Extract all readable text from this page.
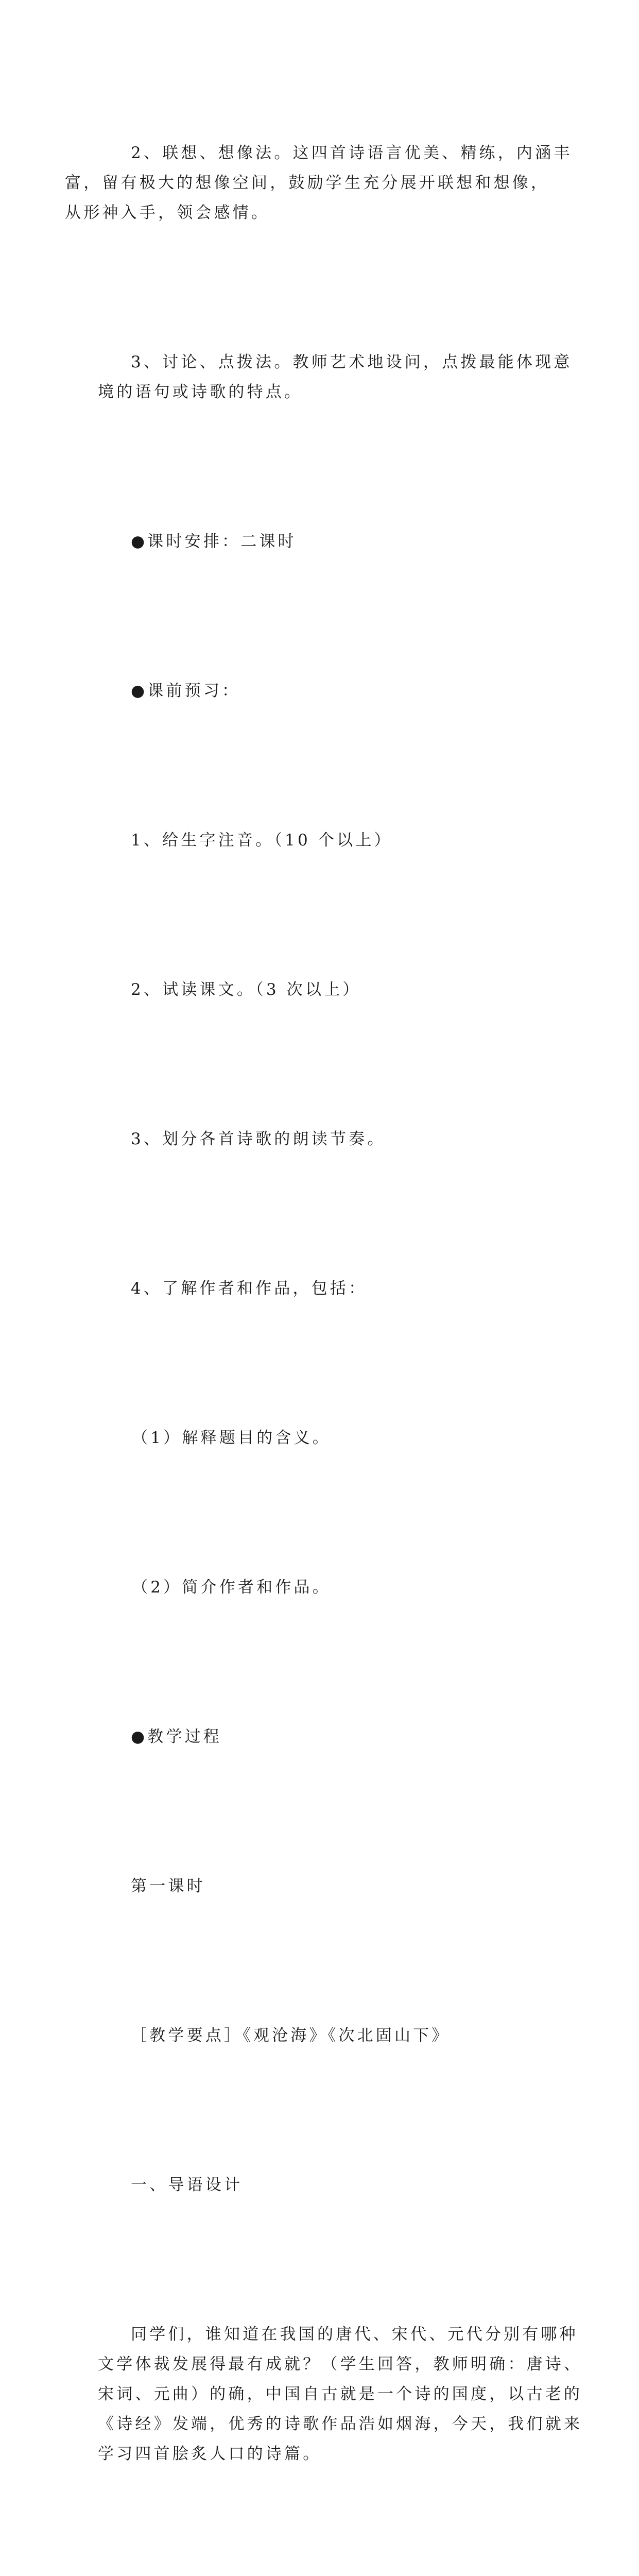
2、联想、想像法。这四首诗语言优美、精练，内涵丰
富，留有极大的想像空间，鼓励学生充分展开联想和想像，
从形神入手，领会感情。

3、讨论、点拨法。教师艺术地设问，点拨最能体现意
境的语句或诗歌的特点。

●课时安排：二课时

●课前预习：

1、给生字注音。（10 个以上）

2、试读课文。（3 次以上）

3、划分各首诗歌的朗读节奏。

4、了解作者和作品，包括：

（1）解释题目的含义。

（2）简介作者和作品。

●教学过程

第一课时

［教学要点］《观沧海》《次北固山下》

一、导语设计

同学们，谁知道在我国的唐代、宋代、元代分别有哪种
文学体裁发展得最有成就？（学生回答，教师明确：唐诗、
宋词、元曲）的确，中国自古就是一个诗的国度，以古老的
《诗经》发端，优秀的诗歌作品浩如烟海，今天，我们就来
学习四首脍炙人口的诗篇。
